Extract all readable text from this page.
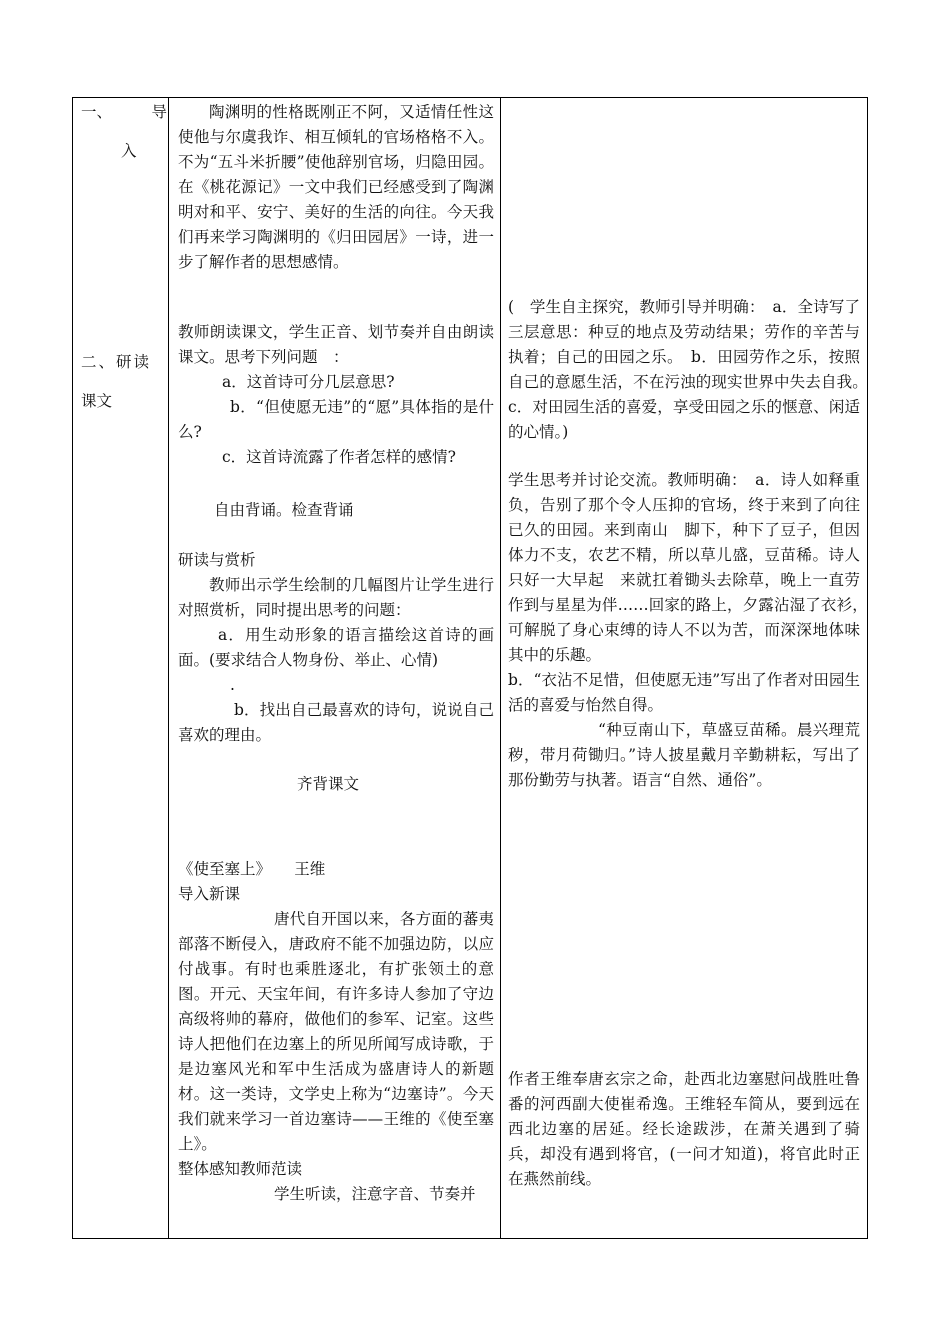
一、	导
入
二、研读
课文

陶渊明的性格既刚正不阿，又适情任性这使他与尔虞我诈、相互倾轧的官场格格不入。不为“五斗米折腰”使他辞别官场，归隐田园。在《桃花源记》一文中我们已经感受到了陶渊明对和平、安宁、美好的生活的向往。今天我们再来学习陶渊明的《归田园居》一诗，进一步了解作者的思想感情。

教师朗读课文，学生正音、划节奏并自由朗读课文。思考下列问题　：

a．这首诗可分几层意思?

b．“但使愿无违”的“愿”具体指的是什么?

c．这首诗流露了作者怎样的感情?

自由背诵。检查背诵

研读与赏析

教师出示学生绘制的几幅图片让学生进行对照赏析，同时提出思考的问题：

a．用生动形象的语言描绘这首诗的画面。(要求结合人物身份、举止、心情)

.

b．找出自己最喜欢的诗句，说说自己喜欢的理由。

齐背课文

《使至塞上》　　王维

导入新课

唐代自开国以来，各方面的蕃夷部落不断侵入，唐政府不能不加强边防，以应付战事。有时也乘胜逐北，有扩张领土的意图。开元、天宝年间，有许多诗人参加了守边高级将帅的幕府，做他们的参军、记室。这些诗人把他们在边塞上的所见所闻写成诗歌，于是边塞风光和军中生活成为盛唐诗人的新题材。这一类诗，文学史上称为“边塞诗”。今天我们就来学习一首边塞诗——王维的《使至塞上》。

整体感知教师范读

学生听读，注意字音、节奏并

(　学生自主探究，教师引导并明确：　a．全诗写了三层意思：种豆的地点及劳动结果；劳作的辛苦与执着；自己的田园之乐。　b．田园劳作之乐，按照自己的意愿生活，不在污浊的现实世界中失去自我。　c．对田园生活的喜爱，享受田园之乐的惬意、闲适的心情。)

学生思考并讨论交流。教师明确：　a．诗人如释重负，告别了那个令人压抑的官场，终于来到了向往已久的田园。来到南山　脚下，种下了豆子，但因体力不支，农艺不精，所以草儿盛，豆苗稀。诗人只好一大早起　来就扛着锄头去除草，晚上一直劳作到与星星为伴……回家的路上，夕露沾湿了衣衫，　可解脱了身心束缚的诗人不以为苦，而深深地体味其中的乐趣。

b．“衣沾不足惜，但使愿无违”写出了作者对田园生活的喜爱与怡然自得。

“种豆南山下，草盛豆苗稀。晨兴理荒秽，带月荷锄归。”诗人披星戴月辛勤耕耘，写出了那份勤劳与执著。语言“自然、通俗”。

作者王维奉唐玄宗之命，赴西北边塞慰问战胜吐鲁番的河西副大使崔希逸。王维轻车简从，要到远在西北边塞的居延。经长途跋涉，在萧关遇到了骑兵，却没有遇到将官，(一问才知道)，将官此时正在燕然前线。
